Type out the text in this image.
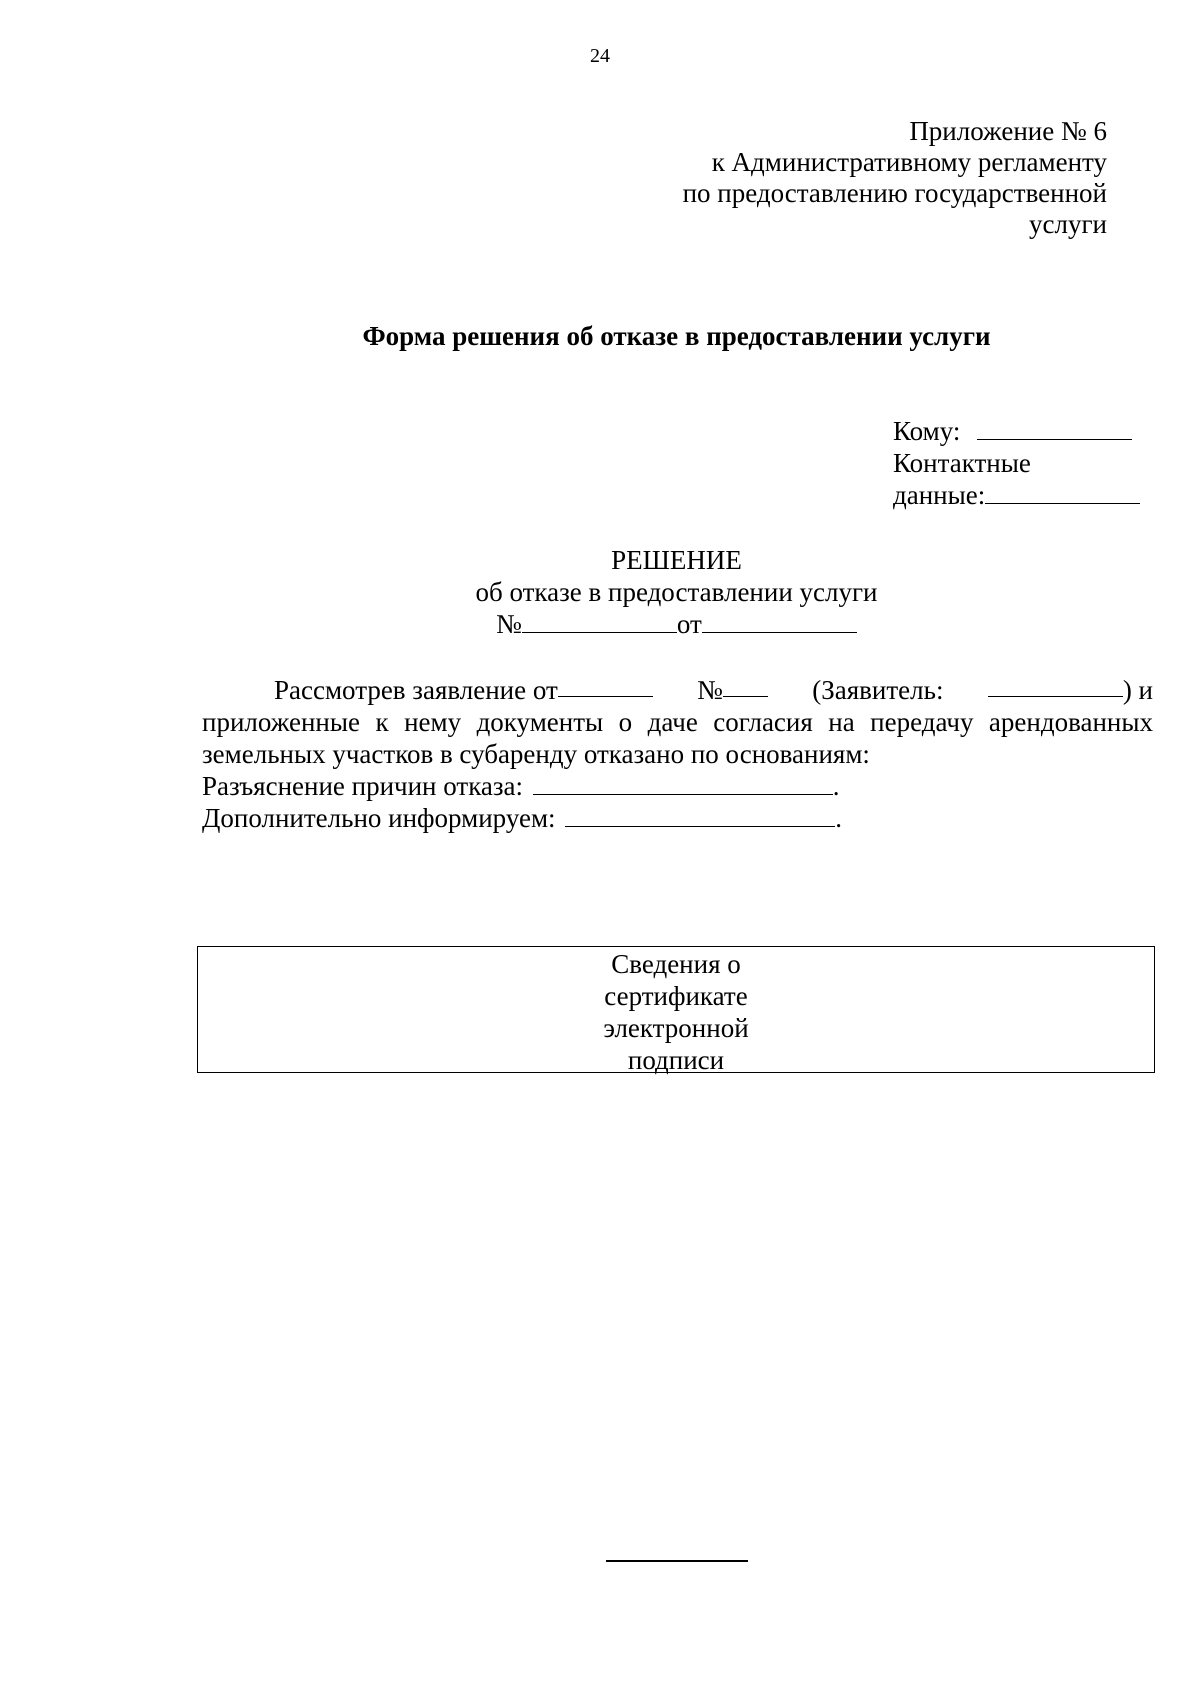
24
Приложение № 6
к Административному регламенту
по предоставлению государственной
услуги
Форма решения об отказе в предоставлении услуги
Кому:
Контактные
данные:
РЕШЕНИЕ
об отказе в предоставлении услуги
№	от
Рассмотрев заявление от	№	(Заявитель:	) и
приложенные к нему документы о даче согласия на передачу арендованных
земельных участков в субаренду отказано по основаниям:
Разъяснение причин отказа:	.
Дополнительно информируем:	.
Сведения о
сертификате
электронной
подписи
